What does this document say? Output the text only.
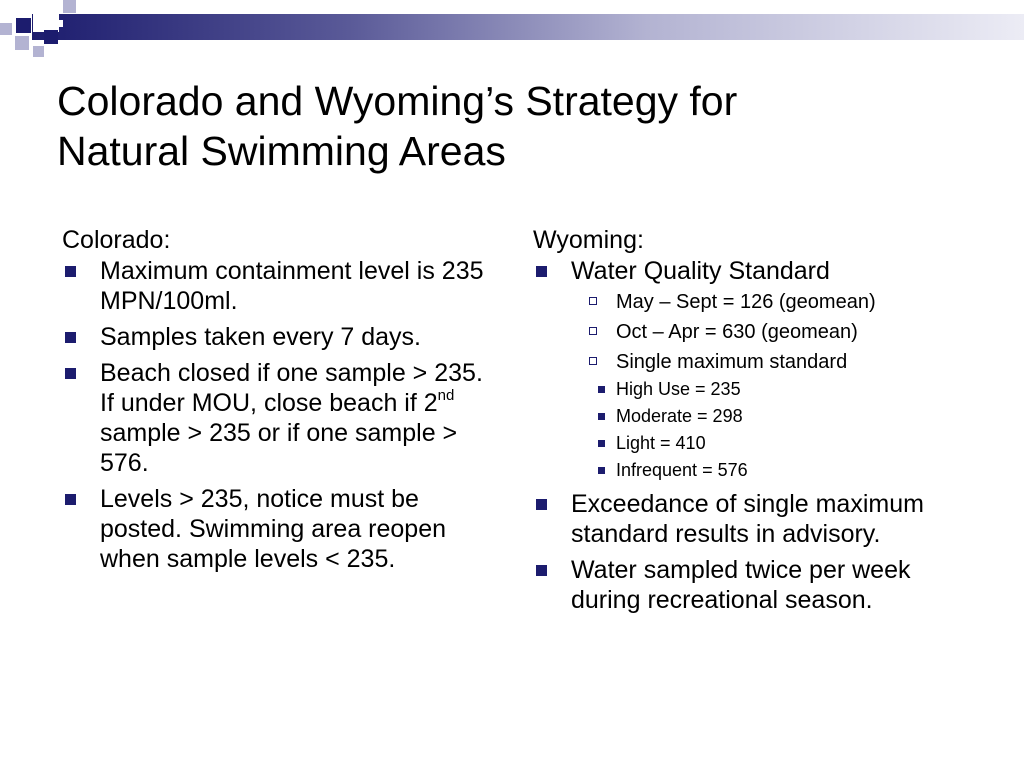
Colorado and Wyoming’s Strategy for
Natural Swimming Areas
Colorado:
Maximum containment level is 235 MPN/100ml.
Samples taken every 7 days.
Beach closed if one sample > 235. If under MOU, close beach if 2nd sample > 235 or if one sample > 576.
Levels > 235, notice must be posted. Swimming area reopen when sample levels < 235.
Wyoming:
Water Quality Standard
May – Sept = 126 (geomean)
Oct – Apr = 630 (geomean)
Single maximum standard
High Use = 235
Moderate = 298
Light = 410
Infrequent = 576
Exceedance of single maximum standard results in advisory.
Water sampled twice per week during recreational season.
